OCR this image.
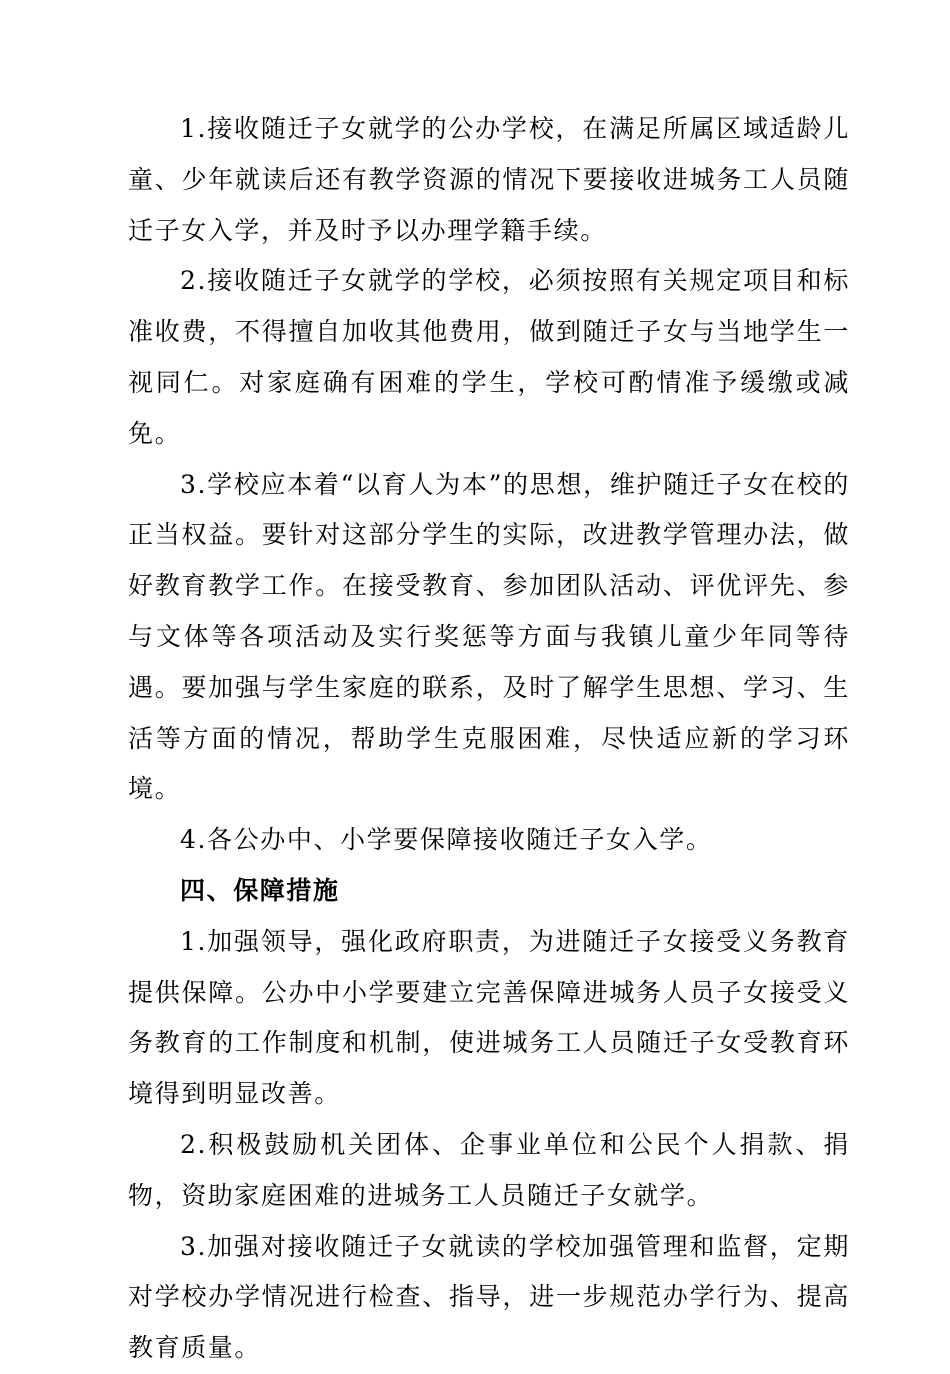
1.接收随迁子女就学的公办学校，在满足所属区域适龄儿童、少年就读后还有教学资源的情况下要接收进城务工人员随迁子女入学，并及时予以办理学籍手续。

2.接收随迁子女就学的学校，必须按照有关规定项目和标准收费，不得擅自加收其他费用，做到随迁子女与当地学生一视同仁。对家庭确有困难的学生，学校可酌情准予缓缴或减免。

3.学校应本着“以育人为本”的思想，维护随迁子女在校的正当权益。要针对这部分学生的实际，改进教学管理办法，做好教育教学工作。在接受教育、参加团队活动、评优评先、参与文体等各项活动及实行奖惩等方面与我镇儿童少年同等待遇。要加强与学生家庭的联系，及时了解学生思想、学习、生活等方面的情况，帮助学生克服困难，尽快适应新的学习环境。

4.各公办中、小学要保障接收随迁子女入学。

四、保障措施

1.加强领导，强化政府职责，为进随迁子女接受义务教育提供保障。公办中小学要建立完善保障进城务人员子女接受义务教育的工作制度和机制，使进城务工人员随迁子女受教育环境得到明显改善。

2.积极鼓励机关团体、企事业单位和公民个人捐款、捐物，资助家庭困难的进城务工人员随迁子女就学。

3.加强对接收随迁子女就读的学校加强管理和监督，定期对学校办学情况进行检查、指导，进一步规范办学行为、提高教育质量。
